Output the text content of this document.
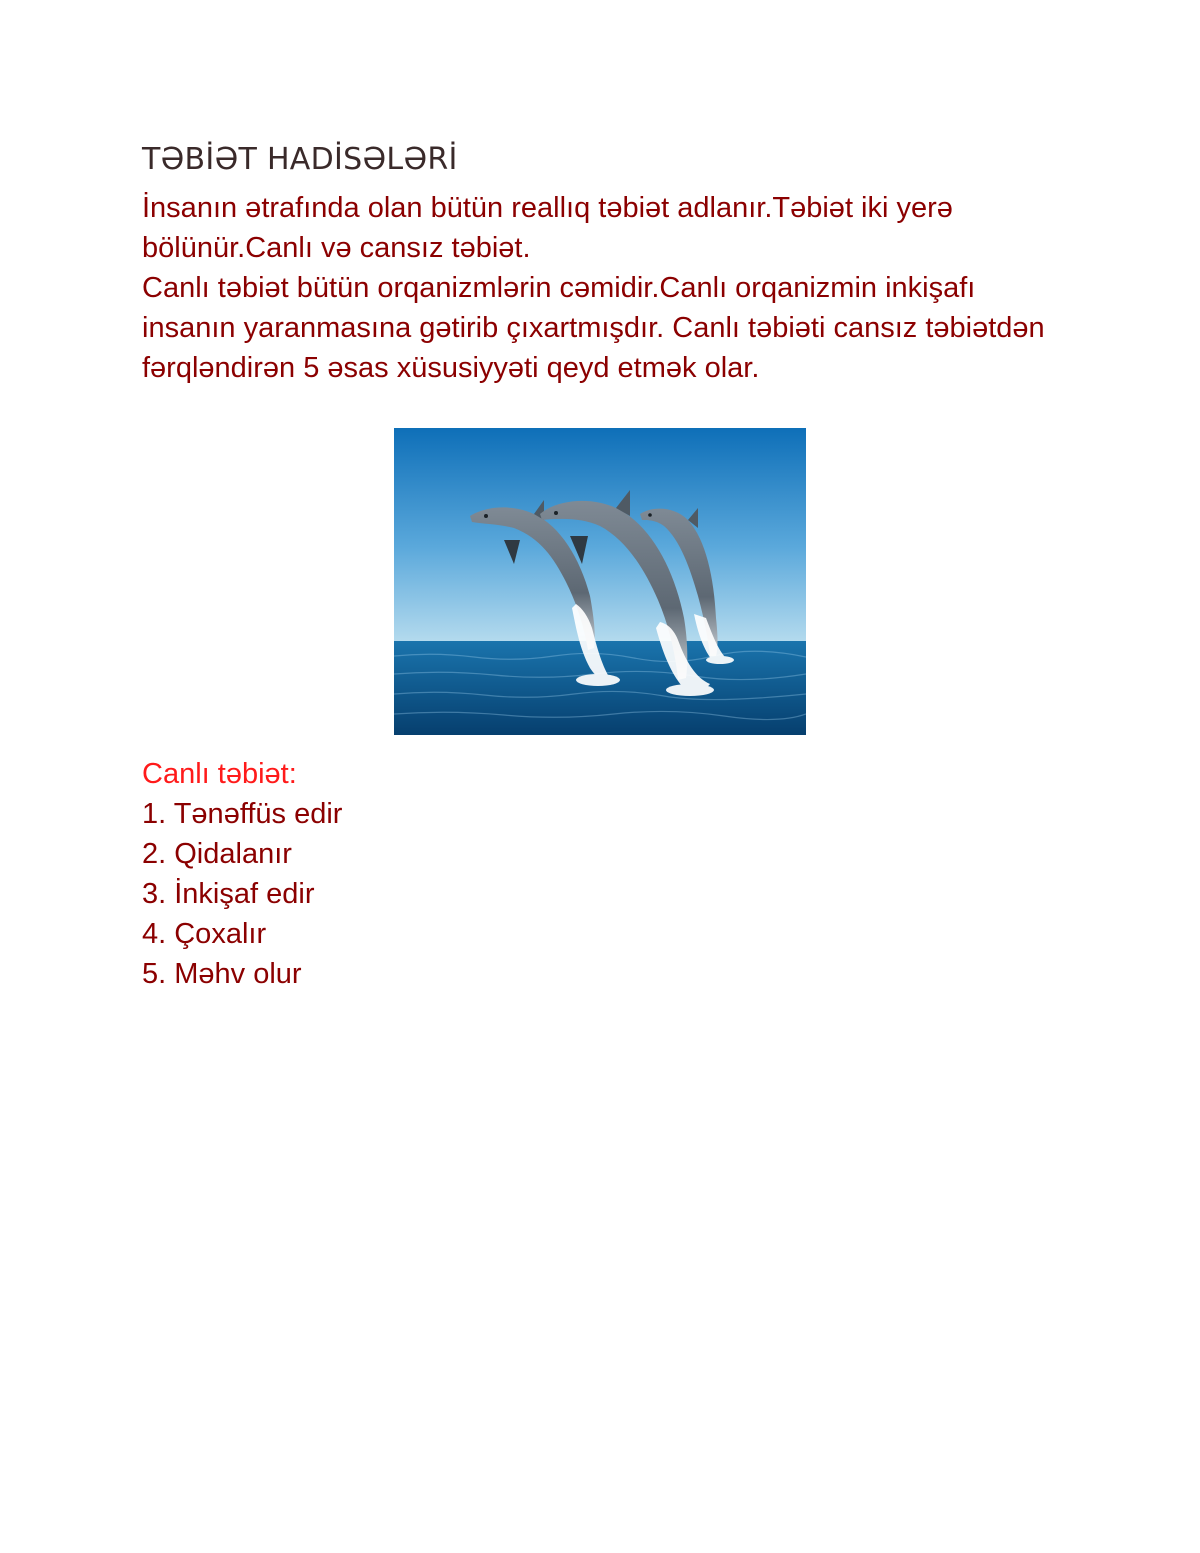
TƏBİƏT HADİSƏLƏRİ

İnsanın ətrafında olan bütün reallıq təbiət adlanır.Təbiət iki yerə bölünür.Canlı və cansız təbiət.

Canlı təbiət bütün orqanizmlərin cəmidir.Canlı orqanizmin inkişafı insanın yaranmasına gətirib çıxartmışdır. Canlı təbiəti cansız təbiətdən fərqləndirən 5 əsas xüsusiyyəti qeyd etmək olar.

Canlı təbiət:
1. Tənəffüs edir
2. Qidalanır
3. İnkişaf edir
4. Çoxalır
5. Məhv olur
